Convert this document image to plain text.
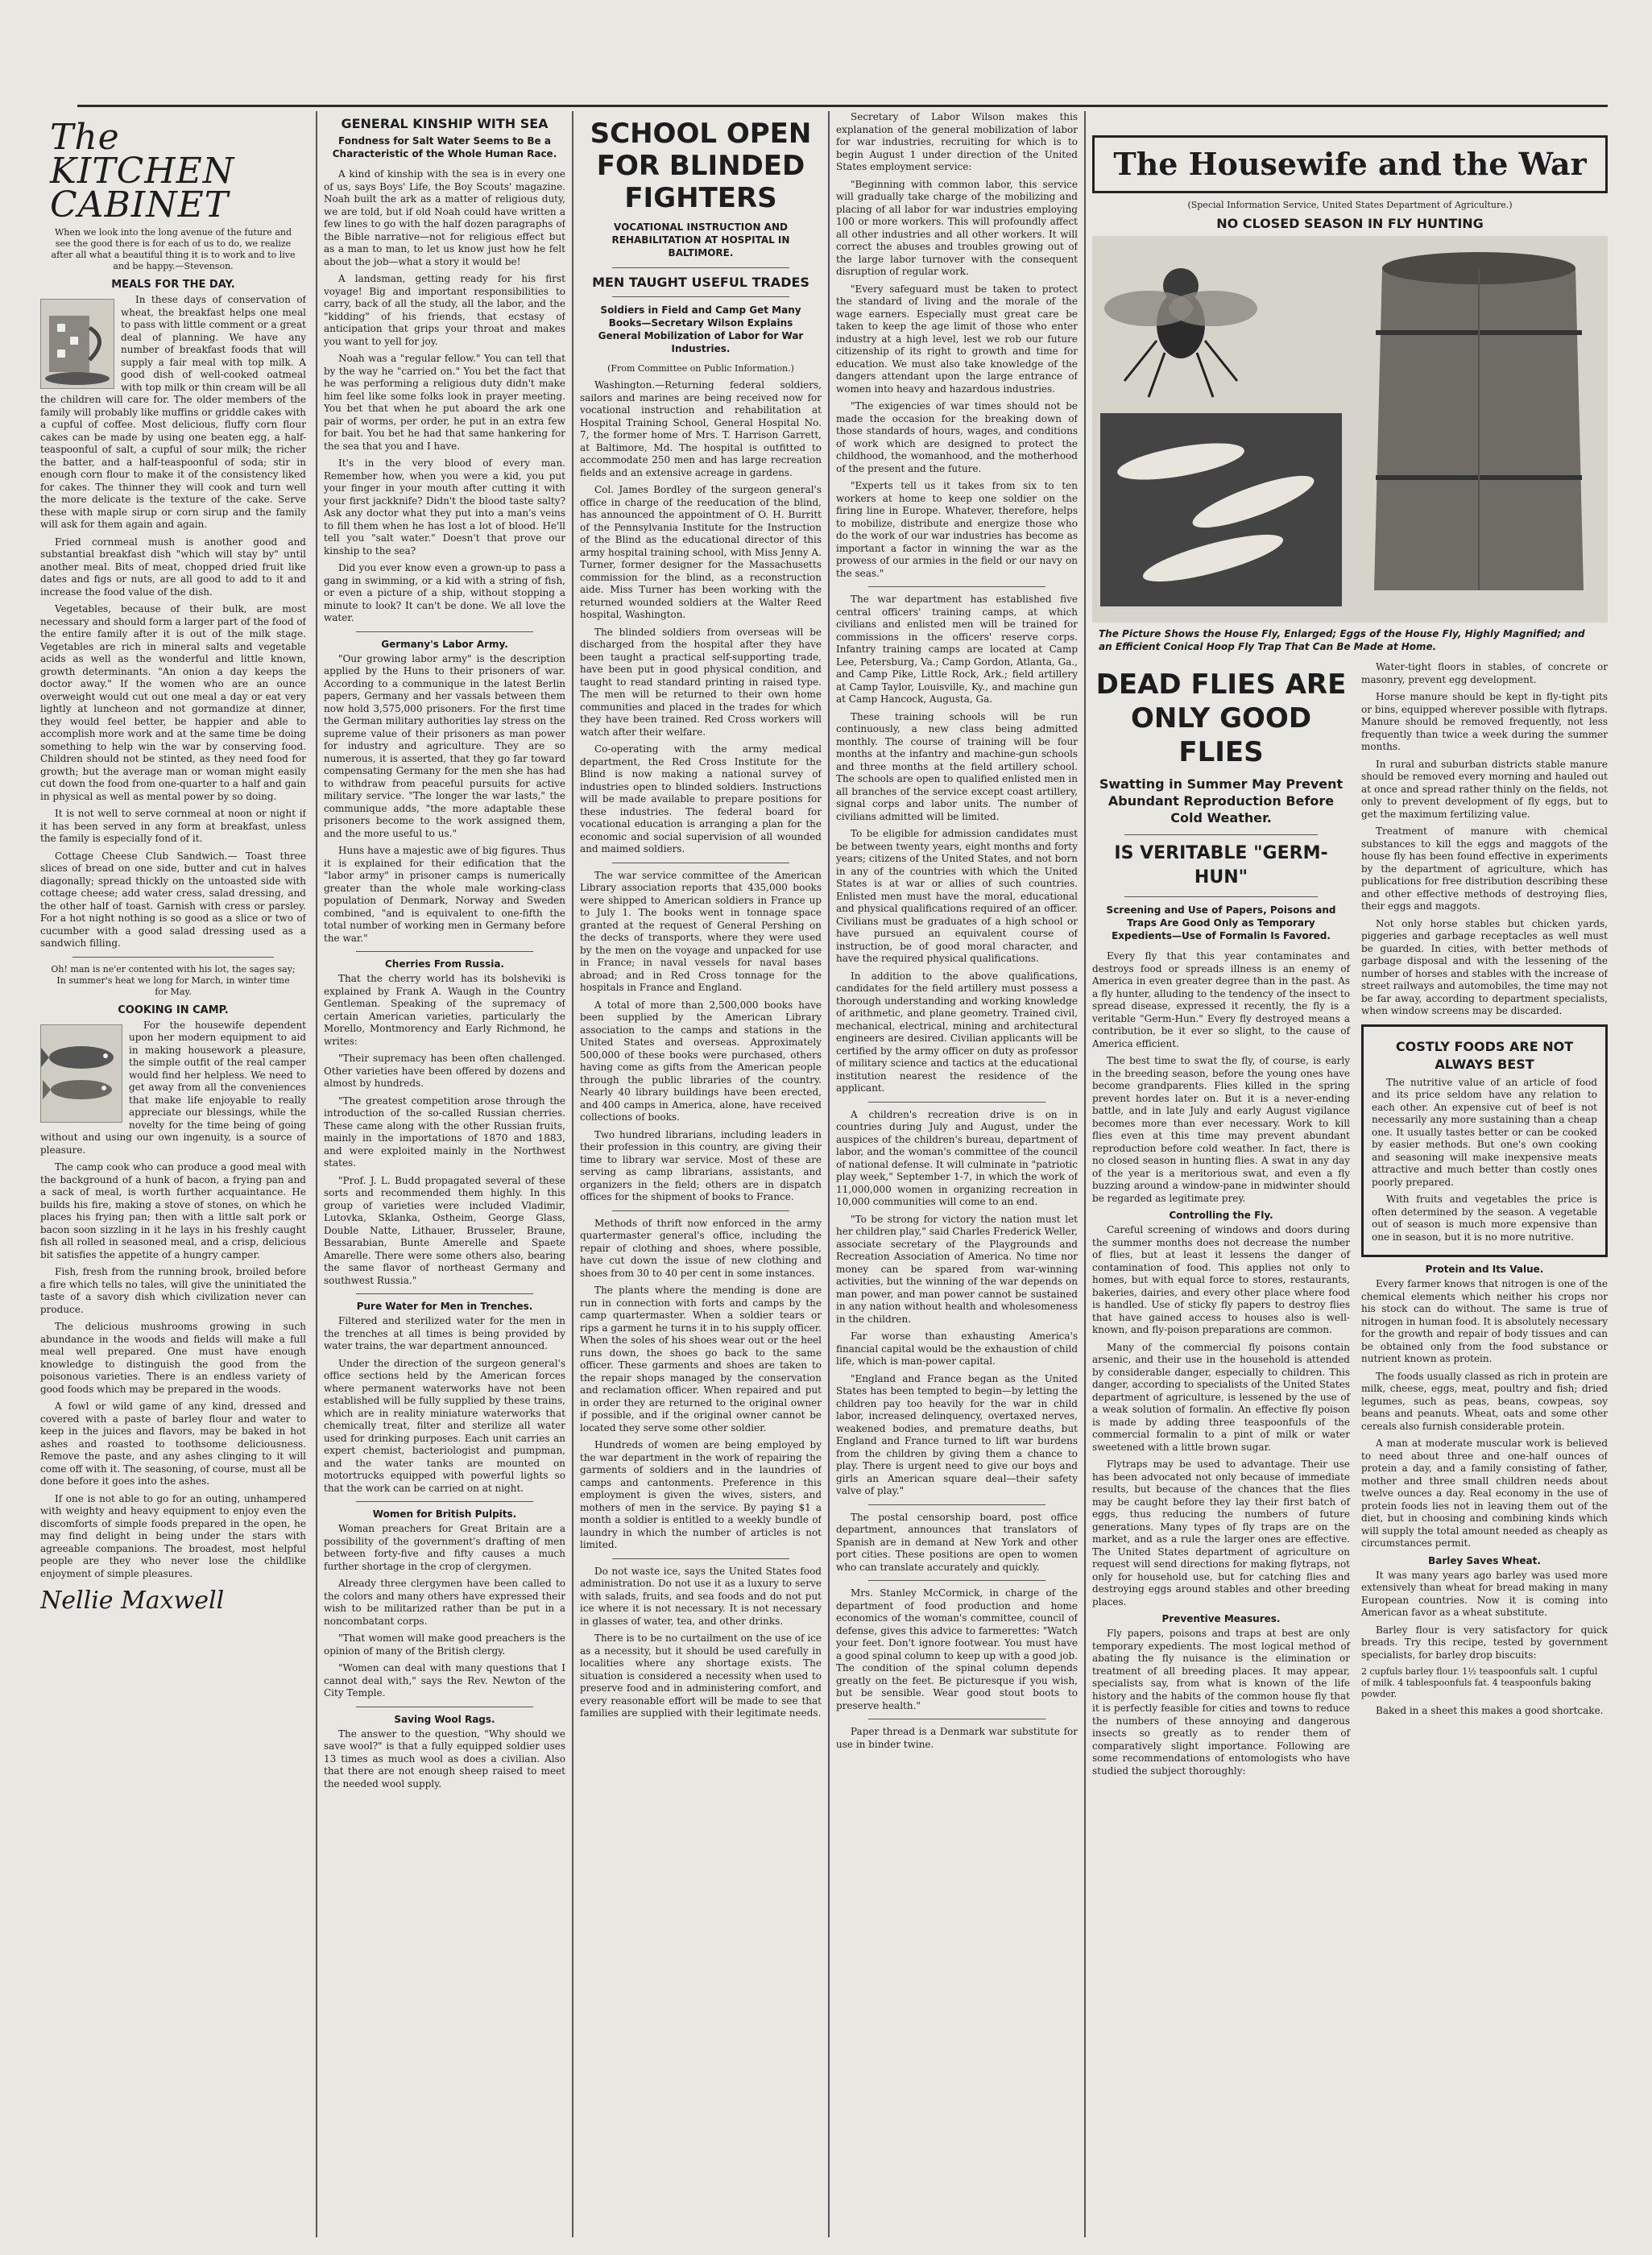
The KITCHEN CABINET
When we look into the long avenue of the future and see the good there is for each of us to do, we realize after all what a beautiful thing it is to work and to live and be happy.—Stevenson.
MEALS FOR THE DAY.

In these days of conservation of wheat, the breakfast helps one meal to pass with little comment or a great deal of planning. We have any number of breakfast foods that will supply a fair meal with top milk. A good dish of well-cooked oatmeal with top milk or thin cream will be all the children will care for. The older members of the family will probably like muffins or griddle cakes with a cupful of coffee. Most delicious, fluffy corn flour cakes can be made by using one beaten egg, a half-teaspoonful of salt, a cupful of sour milk; the richer the batter, and a half-teaspoonful of soda; stir in enough corn flour to make it of the consistency liked for cakes. The thinner they will cook and turn well the more delicate is the texture of the cake. Serve these with maple sirup or corn sirup and the family will ask for them again and again.

Fried cornmeal mush is another good and substantial breakfast dish "which will stay by" until another meal. Bits of meat, chopped dried fruit like dates and figs or nuts, are all good to add to it and increase the food value of the dish.

Vegetables, because of their bulk, are most necessary and should form a larger part of the food of the entire family after it is out of the milk stage. Vegetables are rich in mineral salts and vegetable acids as well as the wonderful and little known, growth determinants. "An onion a day keeps the doctor away." If the women who are an ounce overweight would cut out one meal a day or eat very lightly at luncheon and not gormandize at dinner, they would feel better, be happier and able to accomplish more work and at the same time be doing something to help win the war by conserving food. Children should not be stinted, as they need food for growth; but the average man or woman might easily cut down the food from one-quarter to a half and gain in physical as well as mental power by so doing.

It is not well to serve cornmeal at noon or night if it has been served in any form at breakfast, unless the family is especially fond of it.

Cottage Cheese Club Sandwich.— Toast three slices of bread on one side, butter and cut in halves diagonally; spread thickly on the untoasted side with cottage cheese; add water cress, salad dressing, and the other half of toast. Garnish with cress or parsley. For a hot night nothing is so good as a slice or two of cucumber with a good salad dressing used as a sandwich filling.

Oh! man is ne'er contented with his lot, the sages say; In summer's heat we long for March, in winter time for May.
COOKING IN CAMP.

For the housewife dependent upon her modern equipment to aid in making housework a pleasure, the simple outfit of the real camper would find her helpless. We need to get away from all the conveniences that make life enjoyable to really appreciate our blessings, while the novelty for the time being of going without and using our own ingenuity, is a source of pleasure.

The camp cook who can produce a good meal with the background of a hunk of bacon, a frying pan and a sack of meal, is worth further acquaintance. He builds his fire, making a stove of stones, on which he places his frying pan; then with a little salt pork or bacon soon sizzling in it he lays in his freshly caught fish all rolled in seasoned meal, and a crisp, delicious bit satisfies the appetite of a hungry camper.

Fish, fresh from the running brook, broiled before a fire which tells no tales, will give the uninitiated the taste of a savory dish which civilization never can produce.

The delicious mushrooms growing in such abundance in the woods and fields will make a full meal well prepared. One must have enough knowledge to distinguish the good from the poisonous varieties. There is an endless variety of good foods which may be prepared in the woods.

A fowl or wild game of any kind, dressed and covered with a paste of barley flour and water to keep in the juices and flavors, may be baked in hot ashes and roasted to toothsome deliciousness. Remove the paste, and any ashes clinging to it will come off with it. The seasoning, of course, must all be done before it goes into the ashes.

If one is not able to go for an outing, unhampered with weighty and heavy equipment to enjoy even the discomforts of simple foods prepared in the open, he may find delight in being under the stars with agreeable companions. The broadest, most helpful people are they who never lose the childlike enjoyment of simple pleasures.

Nellie Maxwell
GENERAL KINSHIP WITH SEA
Fondness for Salt Water Seems to Be a Characteristic of the Whole Human Race.

A kind of kinship with the sea is in every one of us, says Boys' Life, the Boy Scouts' magazine. Noah built the ark as a matter of religious duty, we are told, but if old Noah could have written a few lines to go with the half dozen paragraphs of the Bible narrative—not for religious effect but as a man to man, to let us know just how he felt about the job—what a story it would be!

A landsman, getting ready for his first voyage! Big and important responsibilities to carry, back of all the study, all the labor, and the "kidding" of his friends, that ecstasy of anticipation that grips your throat and makes you want to yell for joy.

Noah was a "regular fellow." You can tell that by the way he "carried on." You bet the fact that he was performing a religious duty didn't make him feel like some folks look in prayer meeting. You bet that when he put aboard the ark one pair of worms, per order, he put in an extra few for bait. You bet he had that same hankering for the sea that you and I have.

It's in the very blood of every man. Remember how, when you were a kid, you put your finger in your mouth after cutting it with your first jackknife? Didn't the blood taste salty? Ask any doctor what they put into a man's veins to fill them when he has lost a lot of blood. He'll tell you "salt water." Doesn't that prove our kinship to the sea?

Did you ever know even a grown-up to pass a gang in swimming, or a kid with a string of fish, or even a picture of a ship, without stopping a minute to look? It can't be done. We all love the water.

Germany's Labor Army.

"Our growing labor army" is the description applied by the Huns to their prisoners of war. According to a communique in the latest Berlin papers, Germany and her vassals between them now hold 3,575,000 prisoners. For the first time the German military authorities lay stress on the supreme value of their prisoners as man power for industry and agriculture. They are so numerous, it is asserted, that they go far toward compensating Germany for the men she has had to withdraw from peaceful pursuits for active military service. "The longer the war lasts," the communique adds, "the more adaptable these prisoners become to the work assigned them, and the more useful to us."

Huns have a majestic awe of big figures. Thus it is explained for their edification that the "labor army" in prisoner camps is numerically greater than the whole male working-class population of Denmark, Norway and Sweden combined, "and is equivalent to one-fifth the total number of working men in Germany before the war."

Cherries From Russia.

That the cherry world has its bolsheviki is explained by Frank A. Waugh in the Country Gentleman. Speaking of the supremacy of certain American varieties, particularly the Morello, Montmorency and Early Richmond, he writes:

"Their supremacy has been often challenged. Other varieties have been offered by dozens and almost by hundreds.

"The greatest competition arose through the introduction of the so-called Russian cherries. These came along with the other Russian fruits, mainly in the importations of 1870 and 1883, and were exploited mainly in the Northwest states.

"Prof. J. L. Budd propagated several of these sorts and recommended them highly. In this group of varieties were included Vladimir, Lutovka, Sklanka, Ostheim, George Glass, Double Natte, Lithauer, Brusseler, Braune, Bessarabian, Bunte Amerelle and Spaete Amarelle. There were some others also, bearing the same flavor of northeast Germany and southwest Russia."

Pure Water for Men in Trenches.

Filtered and sterilized water for the men in the trenches at all times is being provided by water trains, the war department announced.

Under the direction of the surgeon general's office sections held by the American forces where permanent waterworks have not been established will be fully supplied by these trains, which are in reality miniature waterworks that chemically treat, filter and sterilize all water used for drinking purposes. Each unit carries an expert chemist, bacteriologist and pumpman, and the water tanks are mounted on motortrucks equipped with powerful lights so that the work can be carried on at night.

Women for British Pulpits.

Woman preachers for Great Britain are a possibility of the government's drafting of men between forty-five and fifty causes a much further shortage in the crop of clergymen.

Already three clergymen have been called to the colors and many others have expressed their wish to be militarized rather than be put in a noncombatant corps.

"That women will make good preachers is the opinion of many of the British clergy.

"Women can deal with many questions that I cannot deal with," says the Rev. Newton of the City Temple.

Saving Wool Rags.

The answer to the question, "Why should we save wool?" is that a fully equipped soldier uses 13 times as much wool as does a civilian. Also that there are not enough sheep raised to meet the needed wool supply.

SCHOOL OPEN FOR BLINDED FIGHTERS
VOCATIONAL INSTRUCTION AND REHABILITATION AT HOSPITAL IN BALTIMORE.
MEN TAUGHT USEFUL TRADES
Soldiers in Field and Camp Get Many Books—Secretary Wilson Explains General Mobilization of Labor for War Industries.

(From Committee on Public Information.)

Washington.—Returning federal soldiers, sailors and marines are being received now for vocational instruction and rehabilitation at Hospital Training School, General Hospital No. 7, the former home of Mrs. T. Harrison Garrett, at Baltimore, Md. The hospital is outfitted to accommodate 250 men and has large recreation fields and an extensive acreage in gardens.

Col. James Bordley of the surgeon general's office in charge of the reeducation of the blind, has announced the appointment of O. H. Burritt of the Pennsylvania Institute for the Instruction of the Blind as the educational director of this army hospital training school, with Miss Jenny A. Turner, former designer for the Massachusetts commission for the blind, as a reconstruction aide. Miss Turner has been working with the returned wounded soldiers at the Walter Reed hospital, Washington.

The blinded soldiers from overseas will be discharged from the hospital after they have been taught a practical self-supporting trade, have been put in good physical condition, and taught to read standard printing in raised type. The men will be returned to their own home communities and placed in the trades for which they have been trained. Red Cross workers will watch after their welfare.

Co-operating with the army medical department, the Red Cross Institute for the Blind is now making a national survey of industries open to blinded soldiers. Instructions will be made available to prepare positions for these industries. The federal board for vocational education is arranging a plan for the economic and social supervision of all wounded and maimed soldiers.

The war service committee of the American Library association reports that 435,000 books were shipped to American soldiers in France up to July 1. The books went in tonnage space granted at the request of General Pershing on the decks of transports, where they were used by the men on the voyage and unpacked for use in France; in naval vessels for naval bases abroad; and in Red Cross tonnage for the hospitals in France and England.

A total of more than 2,500,000 books have been supplied by the American Library association to the camps and stations in the United States and overseas. Approximately 500,000 of these books were purchased, others having come as gifts from the American people through the public libraries of the country. Nearly 40 library buildings have been erected, and 400 camps in America, alone, have received collections of books.

Two hundred librarians, including leaders in their profession in this country, are giving their time to library war service. Most of these are serving as camp librarians, assistants, and organizers in the field; others are in dispatch offices for the shipment of books to France.

Methods of thrift now enforced in the army quartermaster general's office, including the repair of clothing and shoes, where possible, have cut down the issue of new clothing and shoes from 30 to 40 per cent in some instances.

The plants where the mending is done are run in connection with forts and camps by the camp quartermaster. When a soldier tears or rips a garment he turns it in to his supply officer. When the soles of his shoes wear out or the heel runs down, the shoes go back to the same officer. These garments and shoes are taken to the repair shops managed by the conservation and reclamation officer. When repaired and put in order they are returned to the original owner if possible, and if the original owner cannot be located they serve some other soldier.

Hundreds of women are being employed by the war department in the work of repairing the garments of soldiers and in the laundries of camps and cantonments. Preference in this employment is given the wives, sisters, and mothers of men in the service. By paying $1 a month a soldier is entitled to a weekly bundle of laundry in which the number of articles is not limited.

Do not waste ice, says the United States food administration. Do not use it as a luxury to serve with salads, fruits, and sea foods and do not put ice where it is not necessary. It is not necessary in glasses of water, tea, and other drinks.

There is to be no curtailment on the use of ice as a necessity, but it should be used carefully in localities where any shortage exists. The situation is considered a necessity when used to preserve food and in administering comfort, and every reasonable effort will be made to see that families are supplied with their legitimate needs.

Secretary of Labor Wilson makes this explanation of the general mobilization of labor for war industries, recruiting for which is to begin August 1 under direction of the United States employment service:

"Beginning with common labor, this service will gradually take charge of the mobilizing and placing of all labor for war industries employing 100 or more workers. This will profoundly affect all other industries and all other workers. It will correct the abuses and troubles growing out of the large labor turnover with the consequent disruption of regular work.

"Every safeguard must be taken to protect the standard of living and the morale of the wage earners. Especially must great care be taken to keep the age limit of those who enter industry at a high level, lest we rob our future citizenship of its right to growth and time for education. We must also take knowledge of the dangers attendant upon the large entrance of women into heavy and hazardous industries.

"The exigencies of war times should not be made the occasion for the breaking down of those standards of hours, wages, and conditions of work which are designed to protect the childhood, the womanhood, and the motherhood of the present and the future.

"Experts tell us it takes from six to ten workers at home to keep one soldier on the firing line in Europe. Whatever, therefore, helps to mobilize, distribute and energize those who do the work of our war industries has become as important a factor in winning the war as the prowess of our armies in the field or our navy on the seas."

The war department has established five central officers' training camps, at which civilians and enlisted men will be trained for commissions in the officers' reserve corps. Infantry training camps are located at Camp Lee, Petersburg, Va.; Camp Gordon, Atlanta, Ga., and Camp Pike, Little Rock, Ark.; field artillery at Camp Taylor, Louisville, Ky., and machine gun at Camp Hancock, Augusta, Ga.

These training schools will be run continuously, a new class being admitted monthly. The course of training will be four months at the infantry and machine-gun schools and three months at the field artillery school. The schools are open to qualified enlisted men in all branches of the service except coast artillery, signal corps and labor units. The number of civilians admitted will be limited.

To be eligible for admission candidates must be between twenty years, eight months and forty years; citizens of the United States, and not born in any of the countries with which the United States is at war or allies of such countries. Enlisted men must have the moral, educational and physical qualifications required of an officer. Civilians must be graduates of a high school or have pursued an equivalent course of instruction, be of good moral character, and have the required physical qualifications.

In addition to the above qualifications, candidates for the field artillery must possess a thorough understanding and working knowledge of arithmetic, and plane geometry. Trained civil, mechanical, electrical, mining and architectural engineers are desired. Civilian applicants will be certified by the army officer on duty as professor of military science and tactics at the educational institution nearest the residence of the applicant.

A children's recreation drive is on in countries during July and August, under the auspices of the children's bureau, department of labor, and the woman's committee of the council of national defense. It will culminate in "patriotic play week," September 1-7, in which the work of 11,000,000 women in organizing recreation in 10,000 communities will come to an end.

"To be strong for victory the nation must let her children play," said Charles Frederick Weller, associate secretary of the Playgrounds and Recreation Association of America. No time nor money can be spared from war-winning activities, but the winning of the war depends on man power, and man power cannot be sustained in any nation without health and wholesomeness in the children.

Far worse than exhausting America's financial capital would be the exhaustion of child life, which is man-power capital.

"England and France began as the United States has been tempted to begin—by letting the children pay too heavily for the war in child labor, increased delinquency, overtaxed nerves, weakened bodies, and premature deaths, but England and France turned to lift war burdens from the children by giving them a chance to play. There is urgent need to give our boys and girls an American square deal—their safety valve of play."

The postal censorship board, post office department, announces that translators of Spanish are in demand at New York and other port cities. These positions are open to women who can translate accurately and quickly.

Mrs. Stanley McCormick, in charge of the department of food production and home economics of the woman's committee, council of defense, gives this advice to farmerettes: "Watch your feet. Don't ignore footwear. You must have a good spinal column to keep up with a good job. The condition of the spinal column depends greatly on the feet. Be picturesque if you wish, but be sensible. Wear good stout boots to preserve health."

Paper thread is a Denmark war substitute for use in binder twine.

The Housewife and the War

(Special Information Service, United States Department of Agriculture.)

NO CLOSED SEASON IN FLY HUNTING
The Picture Shows the House Fly, Enlarged; Eggs of the House Fly, Highly Magnified; and an Efficient Conical Hoop Fly Trap That Can Be Made at Home.
DEAD FLIES ARE ONLY GOOD FLIES
Swatting in Summer May Prevent Abundant Reproduction Before Cold Weather.
IS VERITABLE "GERM-HUN"
Screening and Use of Papers, Poisons and Traps Are Good Only as Temporary Expedients—Use of Formalin Is Favored.

Every fly that this year contaminates and destroys food or spreads illness is an enemy of America in even greater degree than in the past. As a fly hunter, alluding to the tendency of the insect to spread disease, expressed it recently, the fly is a veritable "Germ-Hun." Every fly destroyed means a contribution, be it ever so slight, to the cause of America efficient.

The best time to swat the fly, of course, is early in the breeding season, before the young ones have become grandparents. Flies killed in the spring prevent hordes later on. But it is a never-ending battle, and in late July and early August vigilance becomes more than ever necessary. Work to kill flies even at this time may prevent abundant reproduction before cold weather. In fact, there is no closed season in hunting flies. A swat in any day of the year is a meritorious swat, and even a fly buzzing around a window-pane in midwinter should be regarded as legitimate prey.

Controlling the Fly.

Careful screening of windows and doors during the summer months does not decrease the number of flies, but at least it lessens the danger of contamination of food. This applies not only to homes, but with equal force to stores, restaurants, bakeries, dairies, and every other place where food is handled. Use of sticky fly papers to destroy flies that have gained access to houses also is well-known, and fly-poison preparations are common.

Many of the commercial fly poisons contain arsenic, and their use in the household is attended by considerable danger, especially to children. This danger, according to specialists of the United States department of agriculture, is lessened by the use of a weak solution of formalin. An effective fly poison is made by adding three teaspoonfuls of the commercial formalin to a pint of milk or water sweetened with a little brown sugar.

Flytraps may be used to advantage. Their use has been advocated not only because of immediate results, but because of the chances that the flies may be caught before they lay their first batch of eggs, thus reducing the numbers of future generations. Many types of fly traps are on the market, and as a rule the larger ones are effective. The United States department of agriculture on request will send directions for making flytraps, not only for household use, but for catching flies and destroying eggs around stables and other breeding places.

Preventive Measures.

Fly papers, poisons and traps at best are only temporary expedients. The most logical method of abating the fly nuisance is the elimination or treatment of all breeding places. It may appear, specialists say, from what is known of the life history and the habits of the common house fly that it is perfectly feasible for cities and towns to reduce the numbers of these annoying and dangerous insects so greatly as to render them of comparatively slight importance. Following are some recommendations of entomologists who have studied the subject thoroughly:

Water-tight floors in stables, of concrete or masonry, prevent egg development.

Horse manure should be kept in fly-tight pits or bins, equipped wherever possible with flytraps. Manure should be removed frequently, not less frequently than twice a week during the summer months.

In rural and suburban districts stable manure should be removed every morning and hauled out at once and spread rather thinly on the fields, not only to prevent development of fly eggs, but to get the maximum fertilizing value.

Treatment of manure with chemical substances to kill the eggs and maggots of the house fly has been found effective in experiments by the department of agriculture, which has publications for free distribution describing these and other effective methods of destroying flies, their eggs and maggots.

Not only horse stables but chicken yards, piggeries and garbage receptacles as well must be guarded. In cities, with better methods of garbage disposal and with the lessening of the number of horses and stables with the increase of street railways and automobiles, the time may not be far away, according to department specialists, when window screens may be discarded.

COSTLY FOODS ARE NOT ALWAYS BEST

The nutritive value of an article of food and its price seldom have any relation to each other. An expensive cut of beef is not necessarily any more sustaining than a cheap one. It usually tastes better or can be cooked by easier methods. But one's own cooking and seasoning will make inexpensive meats attractive and much better than costly ones poorly prepared.

With fruits and vegetables the price is often determined by the season. A vegetable out of season is much more expensive than one in season, but it is no more nutritive.

Protein and Its Value.

Every farmer knows that nitrogen is one of the chemical elements which neither his crops nor his stock can do without. The same is true of nitrogen in human food. It is absolutely necessary for the growth and repair of body tissues and can be obtained only from the food substance or nutrient known as protein.

The foods usually classed as rich in protein are milk, cheese, eggs, meat, poultry and fish; dried legumes, such as peas, beans, cowpeas, soy beans and peanuts. Wheat, oats and some other cereals also furnish considerable protein.

A man at moderate muscular work is believed to need about three and one-half ounces of protein a day, and a family consisting of father, mother and three small children needs about twelve ounces a day. Real economy in the use of protein foods lies not in leaving them out of the diet, but in choosing and combining kinds which will supply the total amount needed as cheaply as circumstances permit.

Barley Saves Wheat.

It was many years ago barley was used more extensively than wheat for bread making in many European countries. Now it is coming into American favor as a wheat substitute.

Barley flour is very satisfactory for quick breads. Try this recipe, tested by government specialists, for barley drop biscuits:

2 cupfuls barley flour. 1½ teaspoonfuls salt. 1 cupful of milk. 4 tablespoonfuls fat. 4 teaspoonfuls baking powder.

Baked in a sheet this makes a good shortcake.
